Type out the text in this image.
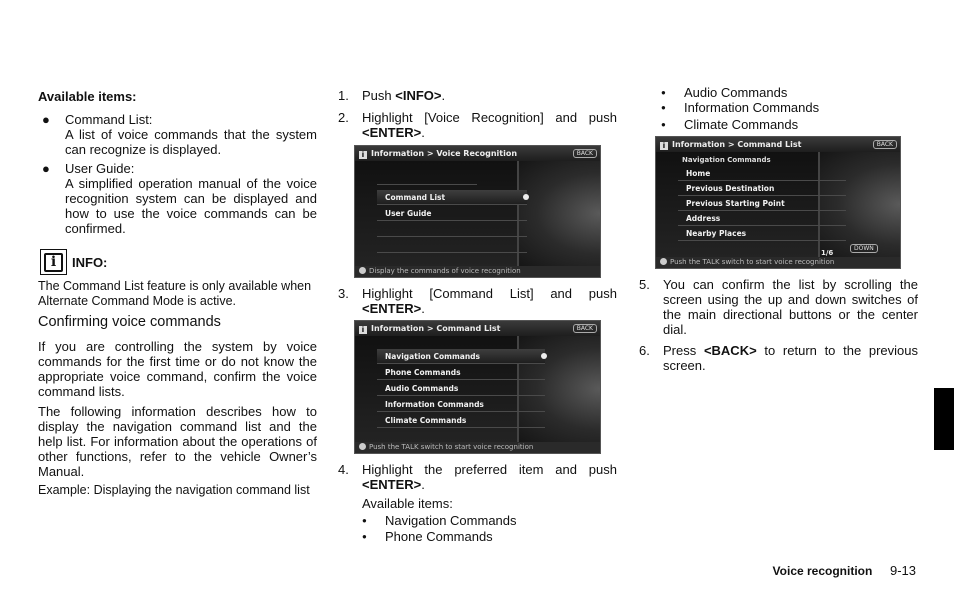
Available items:
● Command List:
A list of voice commands that the system can recognize is displayed.
● User Guide:
A simplified operation manual of the voice recognition system can be displayed and how to use the voice commands can be confirmed.
i	INFO:
The Command List feature is only available when Alternate Command Mode is active.
Confirming voice commands
If you are controlling the system by voice commands for the first time or do not know the appropriate voice command, confirm the voice command lists.
The following information describes how to display the navigation command list and the help list. For information about the operations of other functions, refer to the vehicle Owner’s Manual.
Example: Displaying the navigation command list
1. Push <INFO>.
2. Highlight [Voice Recognition] and push <ENTER>.
i Information > Voice Recognition	BACK
Command List
User Guide
Display the commands of voice recognition
3. Highlight [Command List] and push <ENTER>.
i Information > Command List	BACK
Navigation Commands
Phone Commands
Audio Commands
Information Commands
Climate Commands
Push the TALK switch to start voice recognition
4. Highlight the preferred item and push <ENTER>.
Available items:
● Navigation Commands
● Phone Commands
● Audio Commands
● Information Commands
● Climate Commands
i Information > Command List	BACK
Navigation Commands
Home
Previous Destination
Previous Starting Point
Address
Nearby Places
1/6
DOWN
Push the TALK switch to start voice recognition
5. You can confirm the list by scrolling the screen using the up and down switches of the main directional buttons or the center dial.
6. Press <BACK> to return to the previous screen.
Voice recognition 9-13
